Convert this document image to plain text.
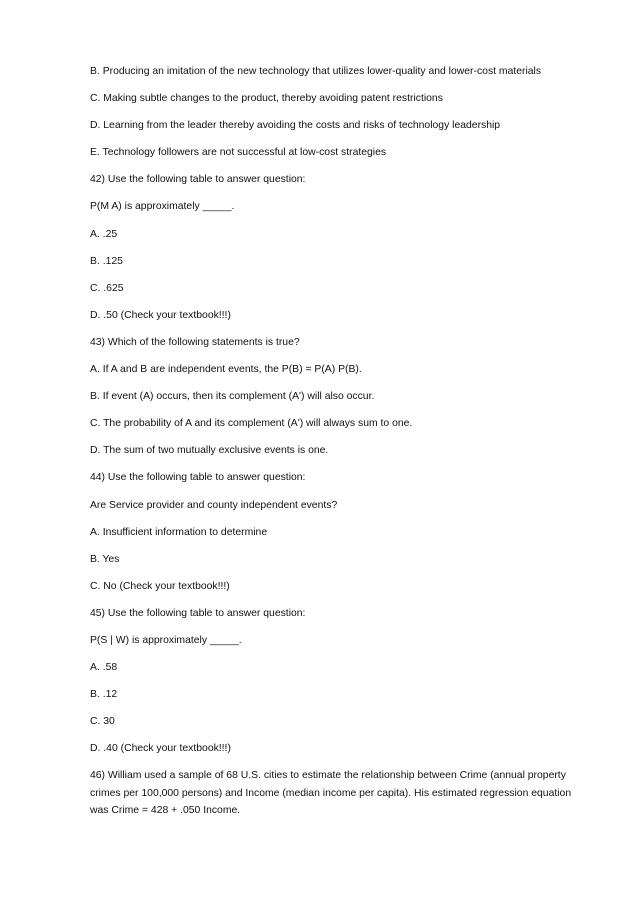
B. Producing an imitation of the new technology that utilizes lower-quality and lower-cost materials
C. Making subtle changes to the product, thereby avoiding patent restrictions
D. Learning from the leader thereby avoiding the costs and risks of technology leadership
E. Technology followers are not successful at low-cost strategies
42) Use the following table to answer question:
P(M A) is approximately _____.
A. .25
B. .125
C. .625
D. .50 (Check your textbook!!!)
43) Which of the following statements is true?
A. If A and B are independent events, the P(B) = P(A) P(B).
B. If event (A) occurs, then its complement (A') will also occur.
C. The probability of A and its complement (A') will always sum to one.
D. The sum of two mutually exclusive events is one.
44) Use the following table to answer question:
Are Service provider and county independent events?
A. Insufficient information to determine
B. Yes
C. No (Check your textbook!!!)
45) Use the following table to answer question:
P(S | W) is approximately _____.
A. .58
B. .12
C. 30
D. .40 (Check your textbook!!!)
46) William used a sample of 68 U.S. cities to estimate the relationship between Crime (annual property
crimes per 100,000 persons) and Income (median income per capita). His estimated regression equation
was Crime = 428 + .050 Income.
